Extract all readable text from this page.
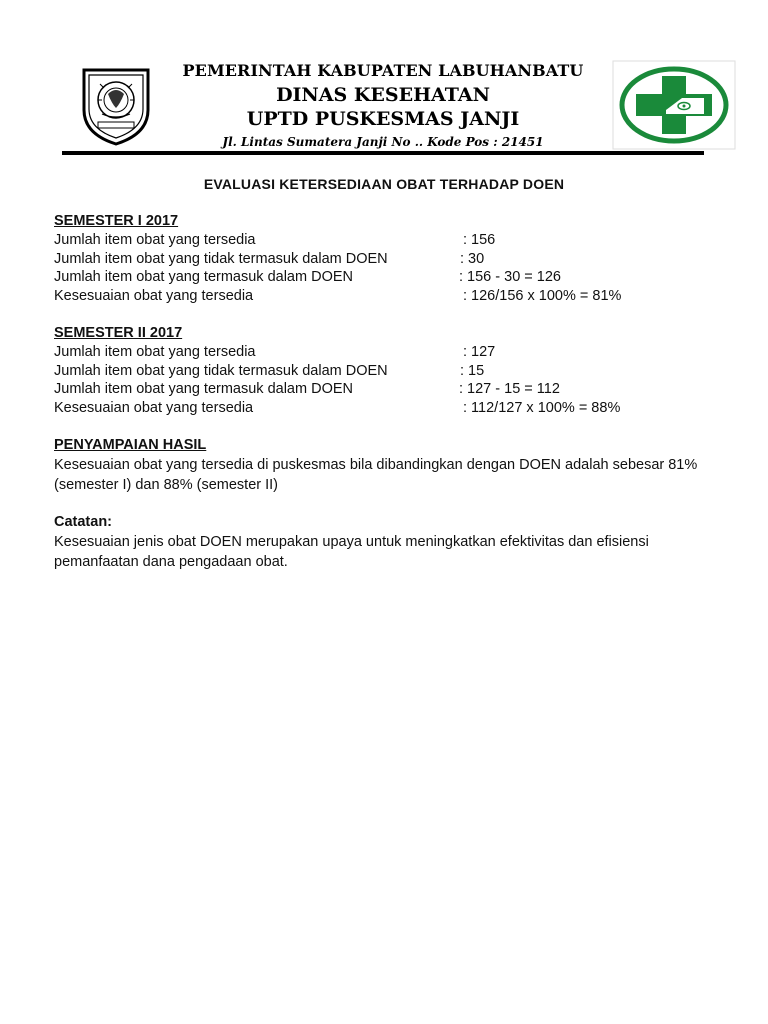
PEMERINTAH KABUPATEN LABUHANBATU
DINAS KESEHATAN
UPTD PUSKESMAS JANJI
Jl. Lintas Sumatera Janji No .. Kode Pos : 21451
EVALUASI KETERSEDIAAN OBAT TERHADAP DOEN
SEMESTER I 2017
Jumlah item obat yang tersedia	: 156
Jumlah item obat yang tidak termasuk dalam DOEN	: 30
Jumlah item obat yang termasuk dalam DOEN	: 156 - 30 = 126
Kesesuaian obat yang tersedia	: 126/156 x 100% = 81%
SEMESTER II 2017
Jumlah item obat yang tersedia	: 127
Jumlah item obat yang tidak termasuk dalam DOEN	: 15
Jumlah item obat yang termasuk dalam DOEN	: 127 - 15 = 112
Kesesuaian obat yang tersedia	: 112/127 x 100% = 88%
PENYAMPAIAN HASIL

Kesesuaian obat yang tersedia di puskesmas bila dibandingkan dengan DOEN adalah sebesar 81% (semester I) dan 88% (semester II)

Catatan:

Kesesuaian jenis obat DOEN merupakan upaya untuk meningkatkan efektivitas dan efisiensi pemanfaatan dana pengadaan obat.
